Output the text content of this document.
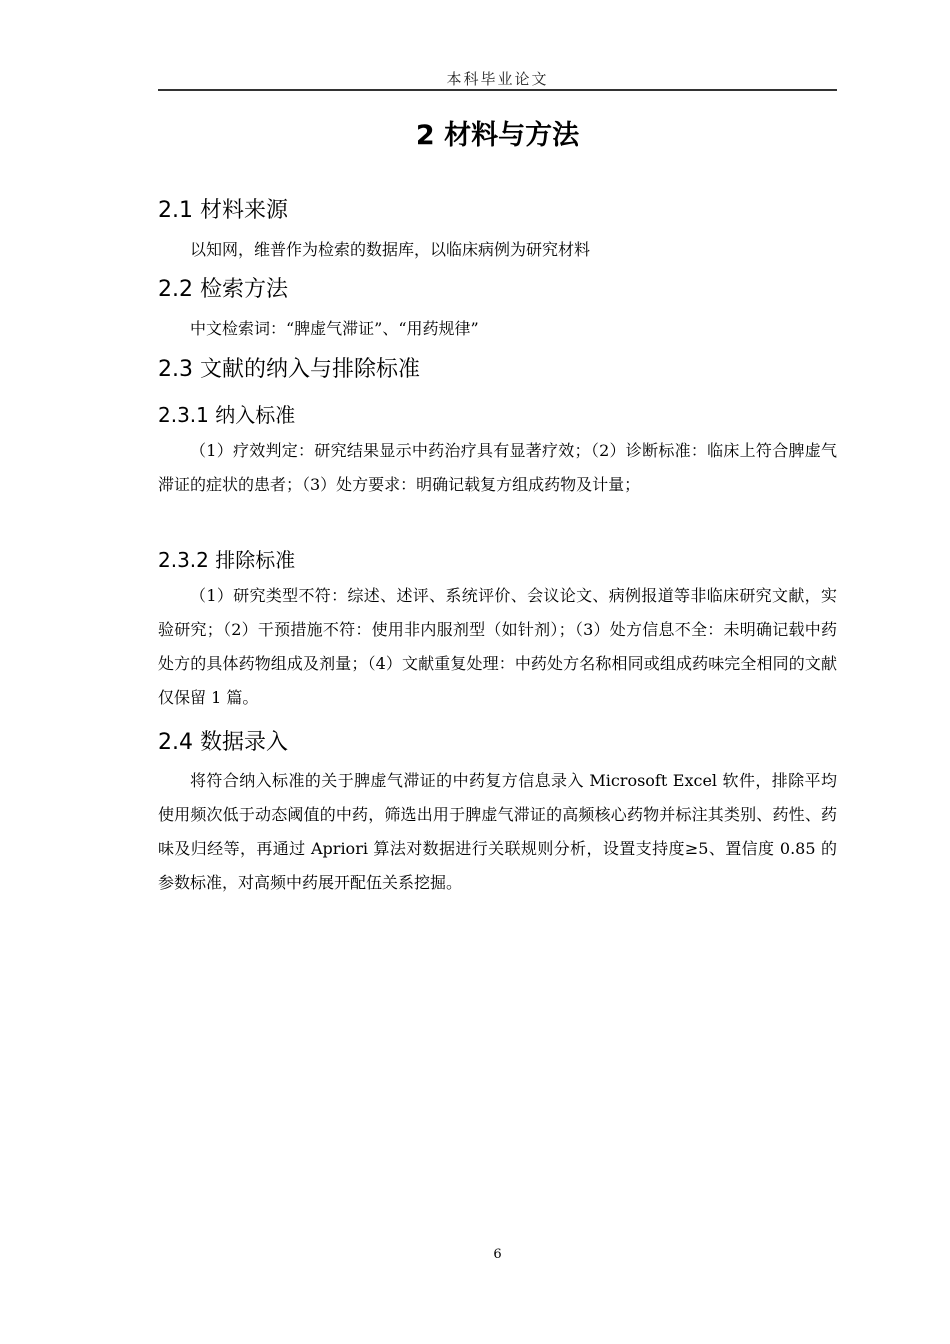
本科毕业论文
2 材料与方法
2.1 材料来源
以知网，维普作为检索的数据库，以临床病例为研究材料
2.2 检索方法
中文检索词：“脾虚气滞证”、“用药规律”
2.3 文献的纳入与排除标准
2.3.1 纳入标准
（1）疗效判定：研究结果显示中药治疗具有显著疗效；（2）诊断标准：临床上符合脾虚气滞证的症状的患者；（3）处方要求：明确记载复方组成药物及计量；
2.3.2 排除标准
（1）研究类型不符：综述、述评、系统评价、会议论文、病例报道等非临床研究文献，实验研究；（2）干预措施不符：使用非内服剂型（如针剂）；（3）处方信息不全：未明确记载中药处方的具体药物组成及剂量；（4）文献重复处理：中药处方名称相同或组成药味完全相同的文献仅保留 1 篇。
2.4 数据录入
将符合纳入标准的关于脾虚气滞证的中药复方信息录入 Microsoft Excel 软件，排除平均使用频次低于动态阈值的中药，筛选出用于脾虚气滞证的高频核心药物并标注其类别、药性、药味及归经等，再通过 Apriori 算法对数据进行关联规则分析，设置支持度≥5、置信度 0.85 的参数标准，对高频中药展开配伍关系挖掘。
6
